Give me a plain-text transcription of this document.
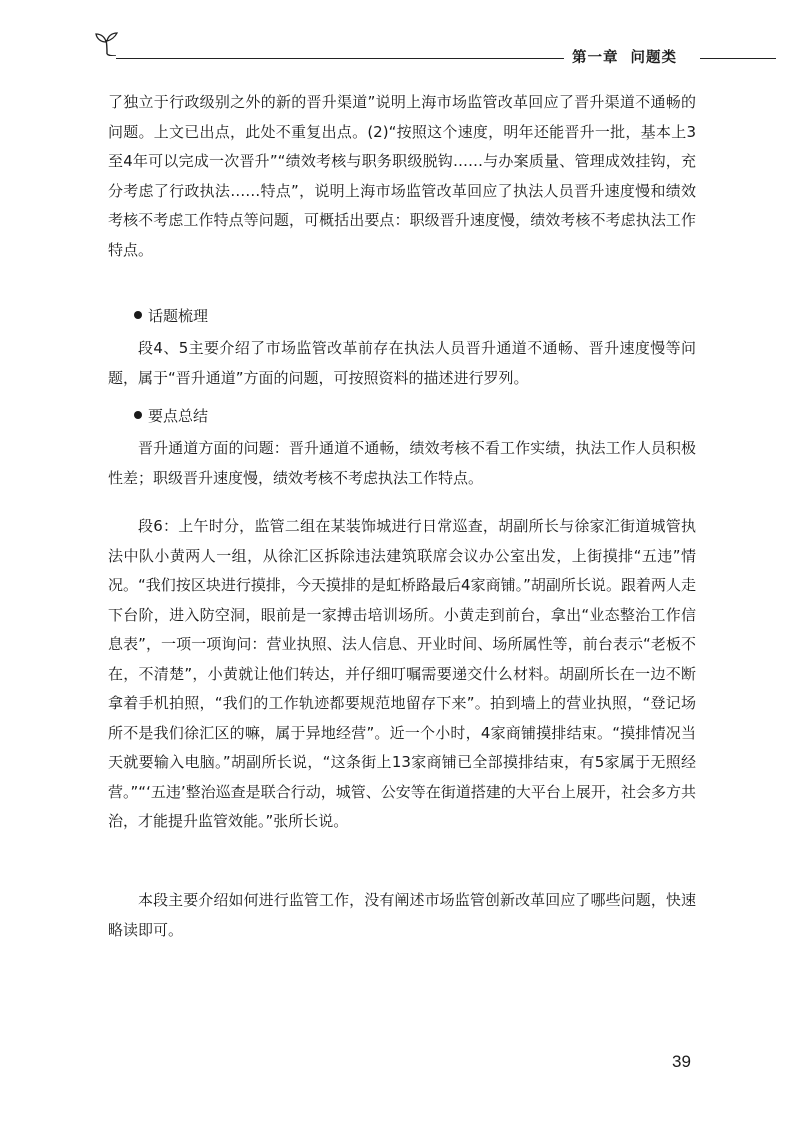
第一章 问题类

了独立于行政级别之外的新的晋升渠道”说明上海市场监管改革回应了晋升渠道不通畅的问题。上文已出点，此处不重复出点。(2)“按照这个速度，明年还能晋升一批，基本上3至4年可以完成一次晋升”“绩效考核与职务职级脱钩……与办案质量、管理成效挂钩，充分考虑了行政执法……特点”，说明上海市场监管改革回应了执法人员晋升速度慢和绩效考核不考虑工作特点等问题，可概括出要点：职级晋升速度慢，绩效考核不考虑执法工作特点。

话题梳理

段4、5主要介绍了市场监管改革前存在执法人员晋升通道不通畅、晋升速度慢等问题，属于“晋升通道”方面的问题，可按照资料的描述进行罗列。

要点总结

晋升通道方面的问题：晋升通道不通畅，绩效考核不看工作实绩，执法工作人员积极性差；职级晋升速度慢，绩效考核不考虑执法工作特点。

段6：上午时分，监管二组在某装饰城进行日常巡查，胡副所长与徐家汇街道城管执法中队小黄两人一组，从徐汇区拆除违法建筑联席会议办公室出发，上街摸排“五违”情况。“我们按区块进行摸排，今天摸排的是虹桥路最后4家商铺。”胡副所长说。跟着两人走下台阶，进入防空洞，眼前是一家搏击培训场所。小黄走到前台，拿出“业态整治工作信息表”，一项一项询问：营业执照、法人信息、开业时间、场所属性等，前台表示“老板不在，不清楚”，小黄就让他们转达，并仔细叮嘱需要递交什么材料。胡副所长在一边不断拿着手机拍照，“我们的工作轨迹都要规范地留存下来”。拍到墙上的营业执照，“登记场所不是我们徐汇区的嘛，属于异地经营”。近一个小时，4家商铺摸排结束。“摸排情况当天就要输入电脑。”胡副所长说，“这条街上13家商铺已全部摸排结束，有5家属于无照经营。”“‘五违’整治巡查是联合行动，城管、公安等在街道搭建的大平台上展开，社会多方共治，才能提升监管效能。”张所长说。

本段主要介绍如何进行监管工作，没有阐述市场监管创新改革回应了哪些问题，快速略读即可。

39
